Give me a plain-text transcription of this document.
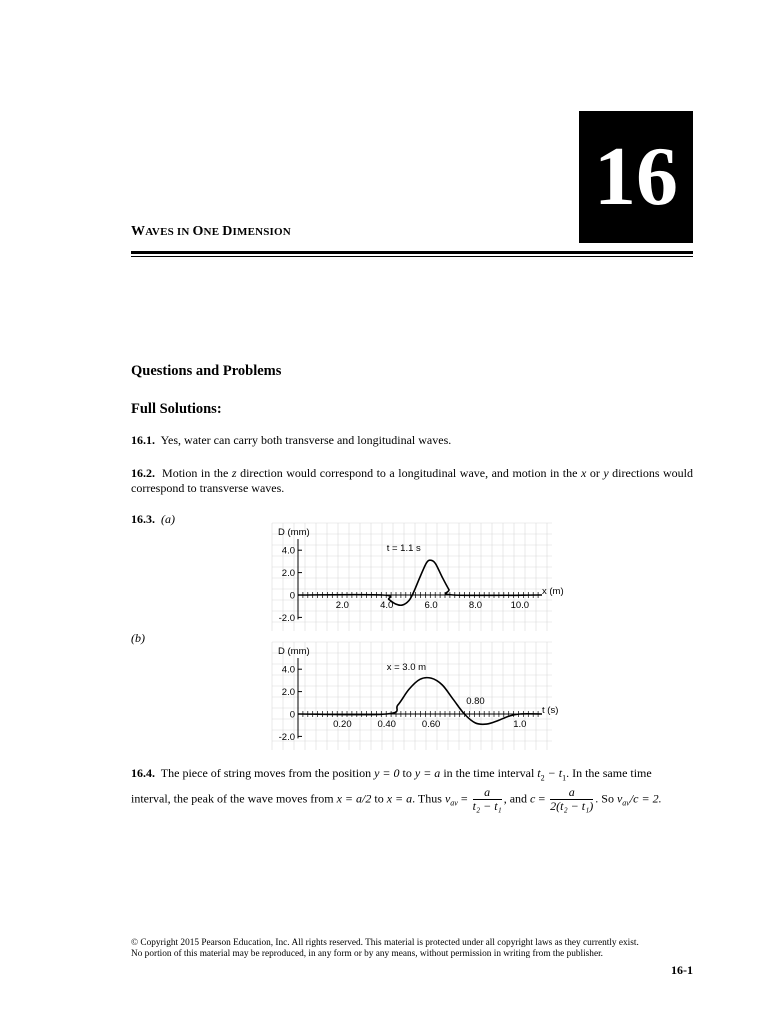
16
WAVES IN ONE DIMENSION
Questions and Problems
Full Solutions:
16.1. Yes, water can carry both transverse and longitudinal waves.
16.2. Motion in the z direction would correspond to a longitudinal wave, and motion in the x or y directions would correspond to transverse waves.
16.3. (a)
(b)
4.0
2.0
0
-2.0
2.0	4.0	6.0	8.0	10.0
D (mm)
x (m)
t = 1.1 s
4.0
2.0
0
-2.0
0.20	0.40	0.60	1.0
D (mm)
t (s)
x = 3.0 m
0.80
16.4. The piece of string moves from the position y = 0 to y = a in the time interval $t_2 - t_1$. In the same time
interval, the peak of the wave moves from x = a/2 to x = a. Thus $v_{av} = \frac{a}{\text{t₂ − t₁}}$ , and $c = \frac{a}{\text{2(t₂ − t₁)}}$ . So $v_{av}/c = 2$.
© Copyright 2015 Pearson Education, Inc. All rights reserved. This material is protected under all copyright laws as they currently exist.
No portion of this material may be reproduced, in any form or by any means, without permission in writing from the publisher.
16-1
